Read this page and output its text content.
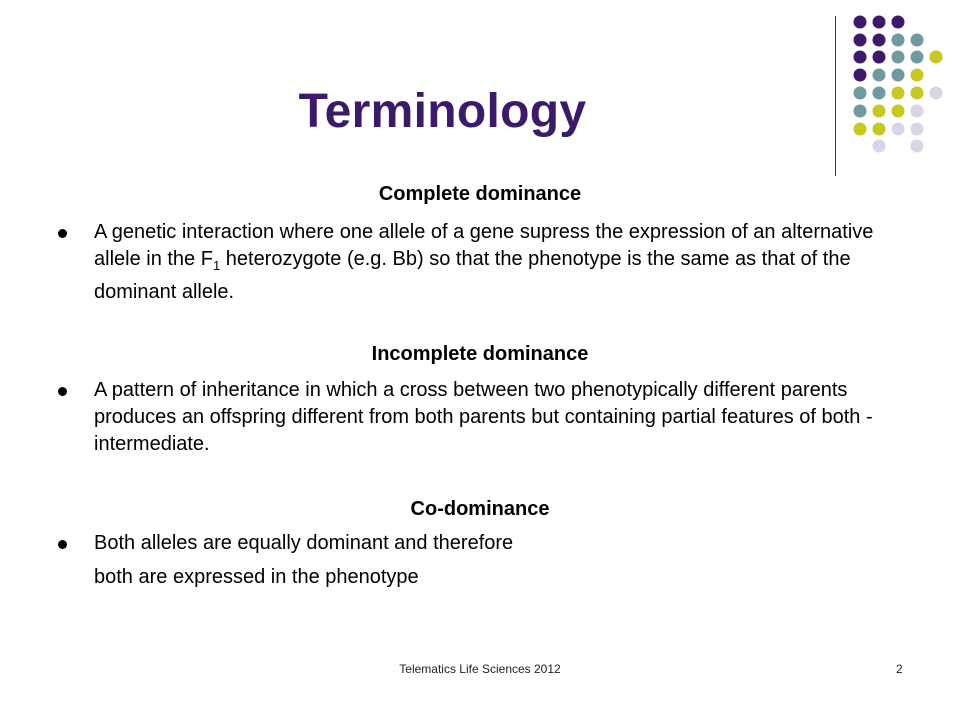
Terminology
Complete dominance
A genetic interaction where one allele of a gene supress the expression of an alternative allele in the $F_1$ heterozygote (e.g. Bb) so that the phenotype is the same as that of the dominant allele.
Incomplete dominance
A pattern of inheritance in which a cross between two phenotypically different parents produces an offspring different from both parents but containing partial features of both - intermediate.
Co-dominance
Both alleles are equally dominant and therefore
both are expressed in the phenotype
Telematics Life Sciences 2012	2
